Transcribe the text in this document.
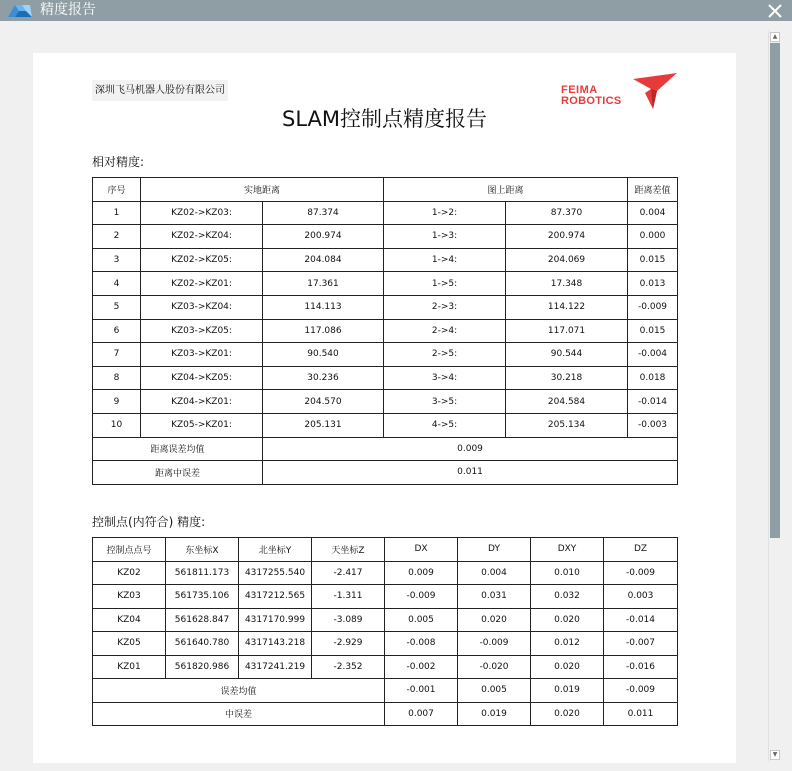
精度报告
深圳飞马机器人股份有限公司	FEIMA
ROBOTICS
SLAM控制点精度报告
相对精度:
序号	实地距离		图上距离		距离差值
1	KZ02->KZ03:	87.374	1->2:	87.370	0.004
2	KZ02->KZ04:	200.974	1->3:	200.974	0.000
3	KZ02->KZ05:	204.084	1->4:	204.069	0.015
4	KZ02->KZ01:	17.361	1->5:	17.348	0.013
5	KZ03->KZ04:	114.113	2->3:	114.122	-0.009
6	KZ03->KZ05:	117.086	2->4:	117.071	0.015
7	KZ03->KZ01:	90.540	2->5:	90.544	-0.004
8	KZ04->KZ05:	30.236	3->4:	30.218	0.018
9	KZ04->KZ01:	204.570	3->5:	204.584	-0.014
10	KZ05->KZ01:	205.131	4->5:	205.134	-0.003
距离误差均值		0.009			
距离中误差		0.011			
控制点(内符合) 精度:
控制点点号	东坐标X	北坐标Y	天坐标Z	DX	DY	DXY	DZ
KZ02	561811.173	4317255.540	-2.417	0.009	0.004	0.010	-0.009
KZ03	561735.106	4317212.565	-1.311	-0.009	0.031	0.032	0.003
KZ04	561628.847	4317170.999	-3.089	0.005	0.020	0.020	-0.014
KZ05	561640.780	4317143.218	-2.929	-0.008	-0.009	0.012	-0.007
KZ01	561820.986	4317241.219	-2.352	-0.002	-0.020	0.020	-0.016
误差均值				-0.001	0.005	0.019	-0.009
中误差				0.007	0.019	0.020	0.011
▲
▼
